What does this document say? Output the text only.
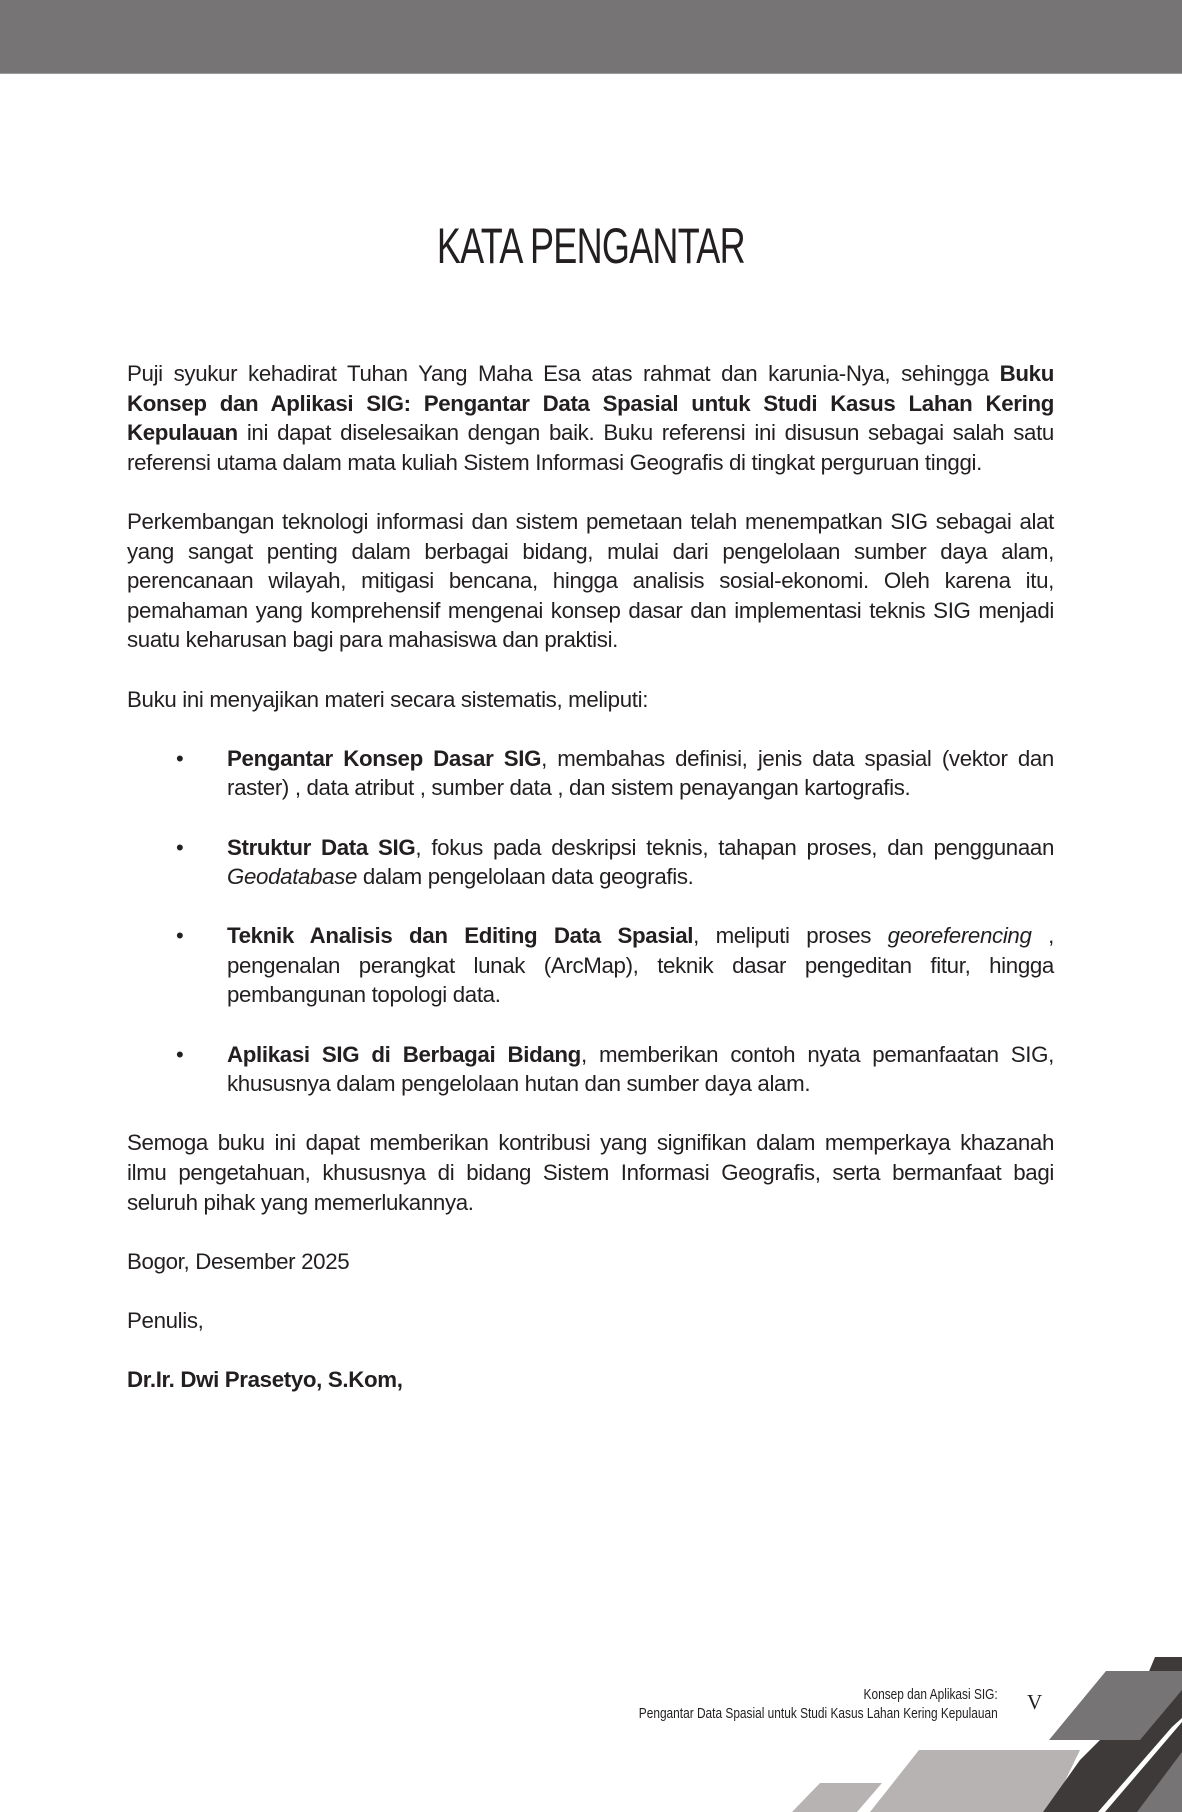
KATA PENGANTAR

Puji syukur kehadirat Tuhan Yang Maha Esa atas rahmat dan karunia-Nya, sehingga Buku Konsep dan Aplikasi SIG: Pengantar Data Spasial untuk Studi Kasus Lahan Kering Kepulauan ini dapat diselesaikan dengan baik. Buku referensi ini disusun sebagai salah satu referensi utama dalam mata kuliah Sistem Informasi Geografis di tingkat perguruan tinggi.

Perkembangan teknologi informasi dan sistem pemetaan telah menempatkan SIG sebagai alat yang sangat penting dalam berbagai bidang, mulai dari pengelolaan sumber daya alam, perencanaan wilayah, mitigasi bencana, hingga analisis sosial-ekonomi. Oleh karena itu, pemahaman yang komprehensif mengenai konsep dasar dan implementasi teknis SIG menjadi suatu keharusan bagi para mahasiswa dan praktisi.

Buku ini menyajikan materi secara sistematis, meliputi:

• Pengantar Konsep Dasar SIG, membahas definisi, jenis data spasial (vektor dan raster) , data atribut , sumber data , dan sistem penayangan kartografis.
• Struktur Data SIG, fokus pada deskripsi teknis, tahapan proses, dan penggunaan Geodatabase dalam pengelolaan data geografis.
• Teknik Analisis dan Editing Data Spasial, meliputi proses georeferencing , pengenalan perangkat lunak (ArcMap), teknik dasar pengeditan fitur, hingga pembangunan topologi data.
• Aplikasi SIG di Berbagai Bidang, memberikan contoh nyata pemanfaatan SIG, khususnya dalam pengelolaan hutan dan sumber daya alam.

Semoga buku ini dapat memberikan kontribusi yang signifikan dalam memperkaya khazanah ilmu pengetahuan, khususnya di bidang Sistem Informasi Geografis, serta bermanfaat bagi seluruh pihak yang memerlukannya.

Bogor, Desember 2025

Penulis,

Dr.Ir. Dwi Prasetyo, S.Kom,

Konsep dan Aplikasi SIG:
Pengantar Data Spasial untuk Studi Kasus Lahan Kering Kepulauan V
